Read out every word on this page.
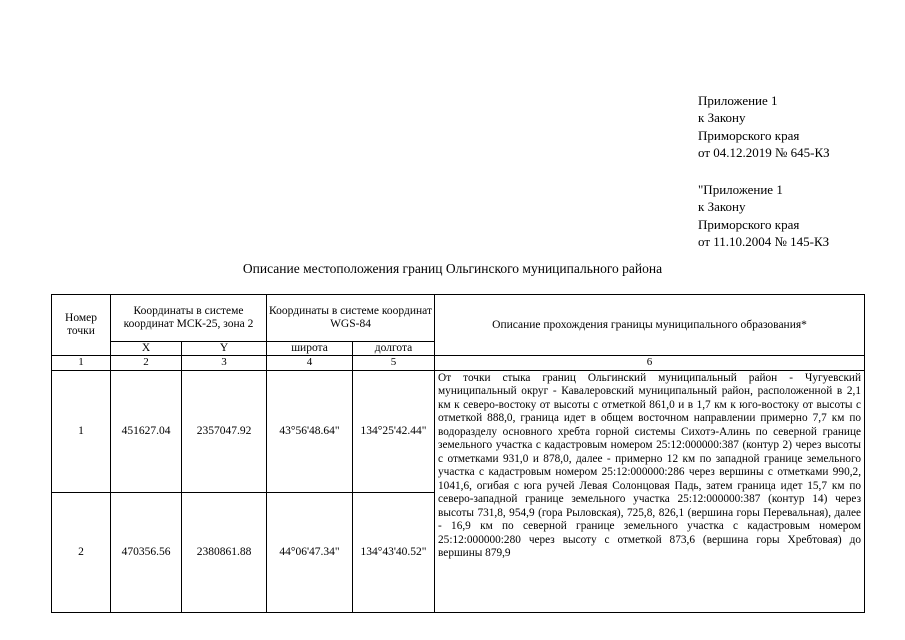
Приложение 1
к Закону
Приморского края
от 04.12.2019 № 645-КЗ
"Приложение 1
к Закону
Приморского края
от 11.10.2004 № 145-КЗ
Описание местоположения границ Ольгинского муниципального района
Номер точки	Координаты в системе координат МСК-25, зона 2		Координаты в системе координат WGS-84		Описание прохождения границы муниципального образования*
	X	Y	широта	долгота	
1	2	3	4	5	6
1	451627.04	2357047.92	43°56'48.64"	134°25'42.44"	От точки стыка границ Ольгинский муниципальный район - Чугуевский муниципальный округ - Кавалеровский муниципальный район, расположенной в 2,1 км к северо-востоку от высоты с отметкой 861,0 и в 1,7 км к юго-востоку от высоты с отметкой 888,0, граница идет в общем восточном направлении примерно 7,7 км по водоразделу основного хребта горной системы Сихотэ-Алинь по северной границе земельного участка с кадастровым номером 25:12:000000:387 (контур 2) через высоты с отметками 931,0 и 878,0, далее - примерно 12 км по западной границе земельного участка с кадастровым номером 25:12:000000:286 через вершины с отметками 990,2, 1041,6, огибая с юга ручей Левая Солонцовая Падь, затем граница идет 15,7 км по северо-западной границе земельного участка 25:12:000000:387 (контур 14) через высоты 731,8, 954,9 (гора Рыловская), 725,8, 826,1 (вершина горы Перевальная), далее - 16,9 км по северной границе земельного участка с кадастровым номером 25:12:000000:280 через высоту с отметкой 873,6 (вершина горы Хребтовая) до вершины 879,9
2	470356.56	2380861.88	44°06'47.34"	134°43'40.52"	
